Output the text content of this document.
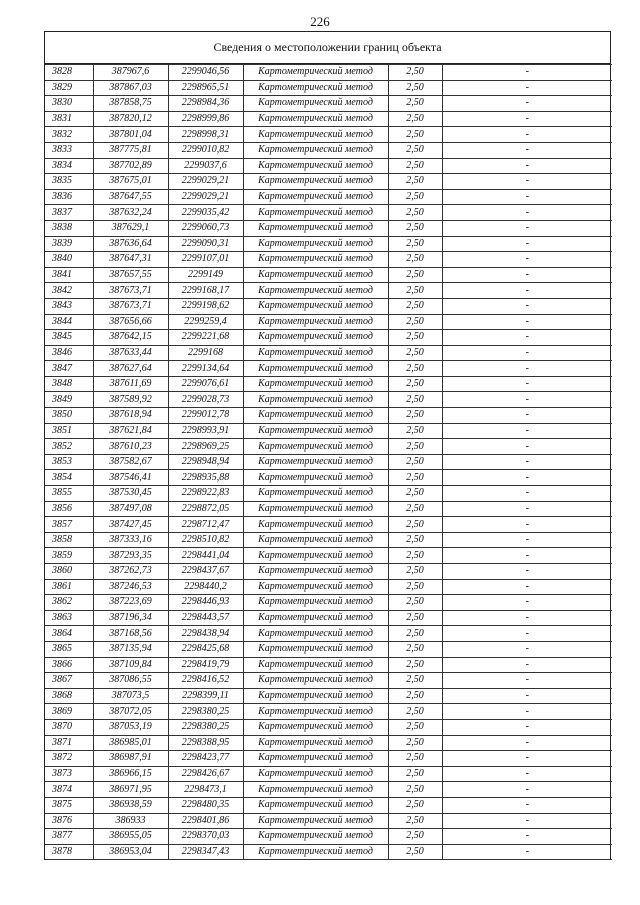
226
Сведения о местоположении границ объекта
3828	387967,6	2299046,56	Картометрический метод	2,50	-
3829	387867,03	2298965,51	Картометрический метод	2,50	-
3830	387858,75	2298984,36	Картометрический метод	2,50	-
3831	387820,12	2298999,86	Картометрический метод	2,50	-
3832	387801,04	2298998,31	Картометрический метод	2,50	-
3833	387775,81	2299010,82	Картометрический метод	2,50	-
3834	387702,89	2299037,6	Картометрический метод	2,50	-
3835	387675,01	2299029,21	Картометрический метод	2,50	-
3836	387647,55	2299029,21	Картометрический метод	2,50	-
3837	387632,24	2299035,42	Картометрический метод	2,50	-
3838	387629,1	2299060,73	Картометрический метод	2,50	-
3839	387636,64	2299090,31	Картометрический метод	2,50	-
3840	387647,31	2299107,01	Картометрический метод	2,50	-
3841	387657,55	2299149	Картометрический метод	2,50	-
3842	387673,71	2299168,17	Картометрический метод	2,50	-
3843	387673,71	2299198,62	Картометрический метод	2,50	-
3844	387656,66	2299259,4	Картометрический метод	2,50	-
3845	387642,15	2299221,68	Картометрический метод	2,50	-
3846	387633,44	2299168	Картометрический метод	2,50	-
3847	387627,64	2299134,64	Картометрический метод	2,50	-
3848	387611,69	2299076,61	Картометрический метод	2,50	-
3849	387589,92	2299028,73	Картометрический метод	2,50	-
3850	387618,94	2299012,78	Картометрический метод	2,50	-
3851	387621,84	2298993,91	Картометрический метод	2,50	-
3852	387610,23	2298969,25	Картометрический метод	2,50	-
3853	387582,67	2298948,94	Картометрический метод	2,50	-
3854	387546,41	2298935,88	Картометрический метод	2,50	-
3855	387530,45	2298922,83	Картометрический метод	2,50	-
3856	387497,08	2298872,05	Картометрический метод	2,50	-
3857	387427,45	2298712,47	Картометрический метод	2,50	-
3858	387333,16	2298510,82	Картометрический метод	2,50	-
3859	387293,35	2298441,04	Картометрический метод	2,50	-
3860	387262,73	2298437,67	Картометрический метод	2,50	-
3861	387246,53	2298440,2	Картометрический метод	2,50	-
3862	387223,69	2298446,93	Картометрический метод	2,50	-
3863	387196,34	2298443,57	Картометрический метод	2,50	-
3864	387168,56	2298438,94	Картометрический метод	2,50	-
3865	387135,94	2298425,68	Картометрический метод	2,50	-
3866	387109,84	2298419,79	Картометрический метод	2,50	-
3867	387086,55	2298416,52	Картометрический метод	2,50	-
3868	387073,5	2298399,11	Картометрический метод	2,50	-
3869	387072,05	2298380,25	Картометрический метод	2,50	-
3870	387053,19	2298380,25	Картометрический метод	2,50	-
3871	386985,01	2298388,95	Картометрический метод	2,50	-
3872	386987,91	2298423,77	Картометрический метод	2,50	-
3873	386966,15	2298426,67	Картометрический метод	2,50	-
3874	386971,95	2298473,1	Картометрический метод	2,50	-
3875	386938,59	2298480,35	Картометрический метод	2,50	-
3876	386933	2298401,86	Картометрический метод	2,50	-
3877	386955,05	2298370,03	Картометрический метод	2,50	-
3878	386953,04	2298347,43	Картометрический метод	2,50	-
